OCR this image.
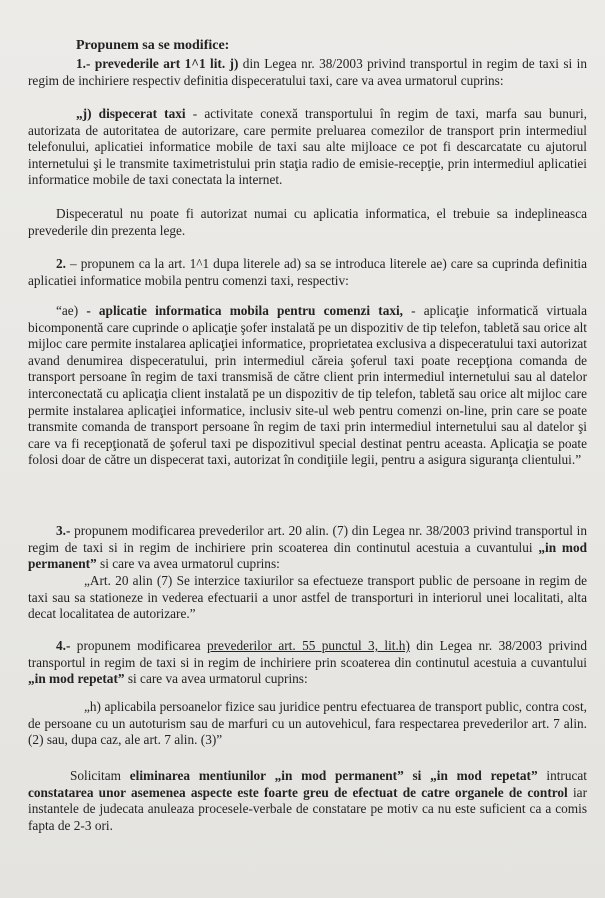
Propunem sa se modifice:
1.- prevederile art 1^1 lit. j) din Legea nr. 38/2003 privind transportul in regim de taxi si in regim de inchiriere respectiv definitia dispeceratului taxi, care va avea urmatorul cuprins:
„j) dispecerat taxi - activitate conexă transportului în regim de taxi, marfa sau bunuri, autorizata de autoritatea de autorizare, care permite preluarea comezilor de transport prin intermediul telefonului, aplicatiei informatice mobile de taxi sau alte mijloace ce pot fi descarcatate cu ajutorul internetului şi le transmite taximetristului prin staţia radio de emisie-recepţie, prin intermediul aplicatiei informatice mobile de taxi conectata la internet.
Dispeceratul nu poate fi autorizat numai cu aplicatia informatica, el trebuie sa indeplineasca prevederile din prezenta lege.
2. – propunem ca la art. 1^1 dupa literele ad) sa se introduca literele ae) care sa cuprinda definitia aplicatiei informatice mobila pentru comenzi taxi, respectiv:
“ae) - aplicatie informatica mobila pentru comenzi taxi, - aplicaţie informatică virtuala bicomponentă care cuprinde o aplicaţie şofer instalată pe un dispozitiv de tip telefon, tabletă sau orice alt mijloc care permite instalarea aplicaţiei informatice, proprietatea exclusiva a dispeceratului taxi autorizat avand denumirea dispeceratului, prin intermediul căreia şoferul taxi poate recepţiona comanda de transport persoane în regim de taxi transmisă de către client prin intermediul internetului sau al datelor interconectată cu aplicaţia client instalată pe un dispozitiv de tip telefon, tabletă sau orice alt mijloc care permite instalarea aplicaţiei informatice, inclusiv site-ul web pentru comenzi on-line, prin care se poate transmite comanda de transport persoane în regim de taxi prin intermediul internetului sau al datelor şi care va fi recepţionată de şoferul taxi pe dispozitivul special destinat pentru aceasta. Aplicaţia se poate folosi doar de către un dispecerat taxi, autorizat în condiţiile legii, pentru a asigura siguranţa clientului.”
3.- propunem modificarea prevederilor art. 20 alin. (7) din Legea nr. 38/2003 privind transportul in regim de taxi si in regim de inchiriere prin scoaterea din continutul acestuia a cuvantului „in mod permanent” si care va avea urmatorul cuprins:
„Art. 20 alin (7) Se interzice taxiurilor sa efectueze transport public de persoane in regim de taxi sau sa stationeze in vederea efectuarii a unor astfel de transporturi in interiorul unei localitati, alta decat localitatea de autorizare.”
4.- propunem modificarea prevederilor art. 55 punctul 3, lit.h) din Legea nr. 38/2003 privind transportul in regim de taxi si in regim de inchiriere prin scoaterea din continutul acestuia a cuvantului „in mod repetat” si care va avea urmatorul cuprins:
„h) aplicabila persoanelor fizice sau juridice pentru efectuarea de transport public, contra cost, de persoane cu un autoturism sau de marfuri cu un autovehicul, fara respectarea prevederilor art. 7 alin. (2) sau, dupa caz, ale art. 7 alin. (3)”
Solicitam eliminarea mentiunilor „in mod permanent” si „in mod repetat” intrucat constatarea unor asemenea aspecte este foarte greu de efectuat de catre organele de control iar instantele de judecata anuleaza procesele-verbale de constatare pe motiv ca nu este suficient ca a comis fapta de 2-3 ori.
